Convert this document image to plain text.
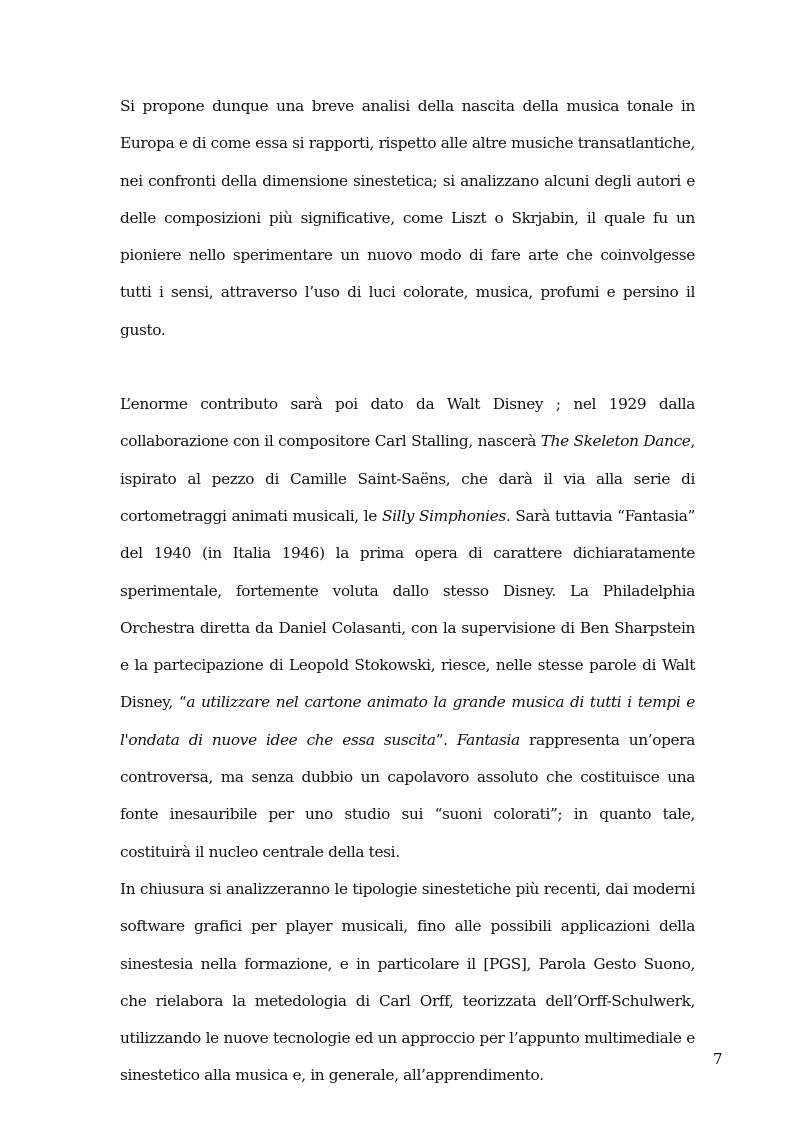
Si propone dunque una breve analisi della nascita della musica tonale in Europa e di come essa si rapporti, rispetto alle altre musiche transatlantiche, nei confronti della dimensione sinestetica; si analizzano alcuni degli autori e delle composizioni più significative, come Liszt o Skrjabin, il quale fu un pioniere nello sperimentare un nuovo modo di fare arte che coinvolgesse tutti i sensi, attraverso l’uso di luci colorate, musica, profumi e persino il gusto.

L’enorme contributo sarà poi dato da Walt Disney ; nel 1929 dalla collaborazione con il compositore Carl Stalling, nascerà The Skeleton Dance, ispirato al pezzo di Camille Saint-Saëns, che darà il via alla serie di cortometraggi animati musicali, le Silly Simphonies. Sarà tuttavia “Fantasia” del 1940 (in Italia 1946) la prima opera di carattere dichiaratamente sperimentale, fortemente voluta dallo stesso Disney. La Philadelphia Orchestra diretta da Daniel Colasanti, con la supervisione di Ben Sharpstein e la partecipazione di Leopold Stokowski, riesce, nelle stesse parole di Walt Disney, “a utilizzare nel cartone animato la grande musica di tutti i tempi e l'ondata di nuove idee che essa suscita”. Fantasia rappresenta un’opera controversa, ma senza dubbio un capolavoro assoluto che costituisce una fonte inesauribile per uno studio sui “suoni colorati”; in quanto tale, costituirà il nucleo centrale della tesi.

In chiusura si analizzeranno le tipologie sinestetiche più recenti, dai moderni software grafici per player musicali, fino alle possibili applicazioni della sinestesia nella formazione, e in particolare il [PGS], Parola Gesto Suono, che rielabora la metedologia di Carl Orff, teorizzata dell’Orff-Schulwerk, utilizzando le nuove tecnologie ed un approccio per l’appunto multimediale e sinestetico alla musica e, in generale, all’apprendimento.

7
